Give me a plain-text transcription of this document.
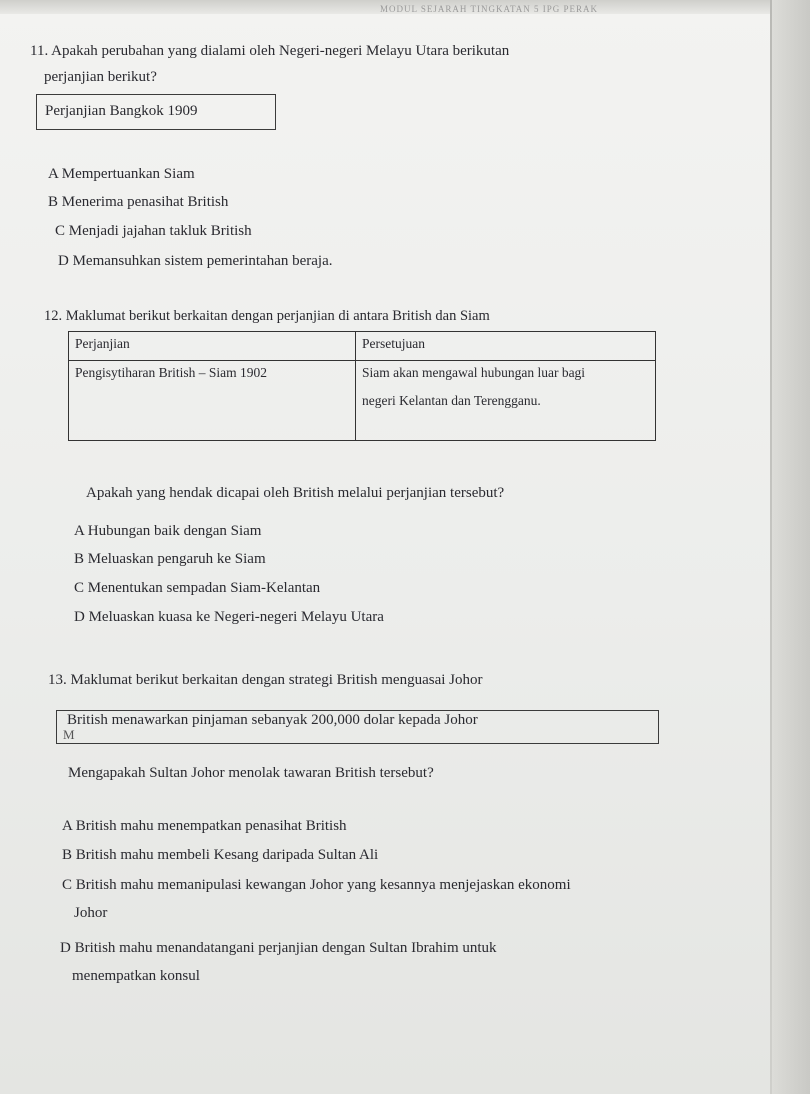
MODUL SEJARAH TINGKATAN 5 IPG PERAK
11. Apakah perubahan yang dialami oleh Negeri-negeri Melayu Utara berikutan
perjanjian berikut?
Perjanjian Bangkok 1909
A Mempertuankan Siam
B Menerima penasihat British
C Menjadi jajahan takluk British
D Memansuhkan sistem pemerintahan beraja.
12. Maklumat berikut berkaitan dengan perjanjian di antara British dan Siam
Perjanjian	Persetujuan
Pengisytiharan British – Siam 1902	Siam akan mengawal hubungan luar bagi
negeri Kelantan dan Terengganu.
Apakah yang hendak dicapai oleh British melalui perjanjian tersebut?
A Hubungan baik dengan Siam
B Meluaskan pengaruh ke Siam
C Menentukan sempadan Siam-Kelantan
D Meluaskan kuasa ke Negeri-negeri Melayu Utara
13. Maklumat berikut berkaitan dengan strategi British menguasai Johor
British menawarkan pinjaman sebanyak 200,000 dolar kepada Johor
M
Mengapakah Sultan Johor menolak tawaran British tersebut?
A British mahu menempatkan penasihat British
B British mahu membeli Kesang daripada Sultan Ali
C British mahu memanipulasi kewangan Johor yang kesannya menjejaskan ekonomi
Johor
D British mahu menandatangani perjanjian dengan Sultan Ibrahim untuk
menempatkan konsul
